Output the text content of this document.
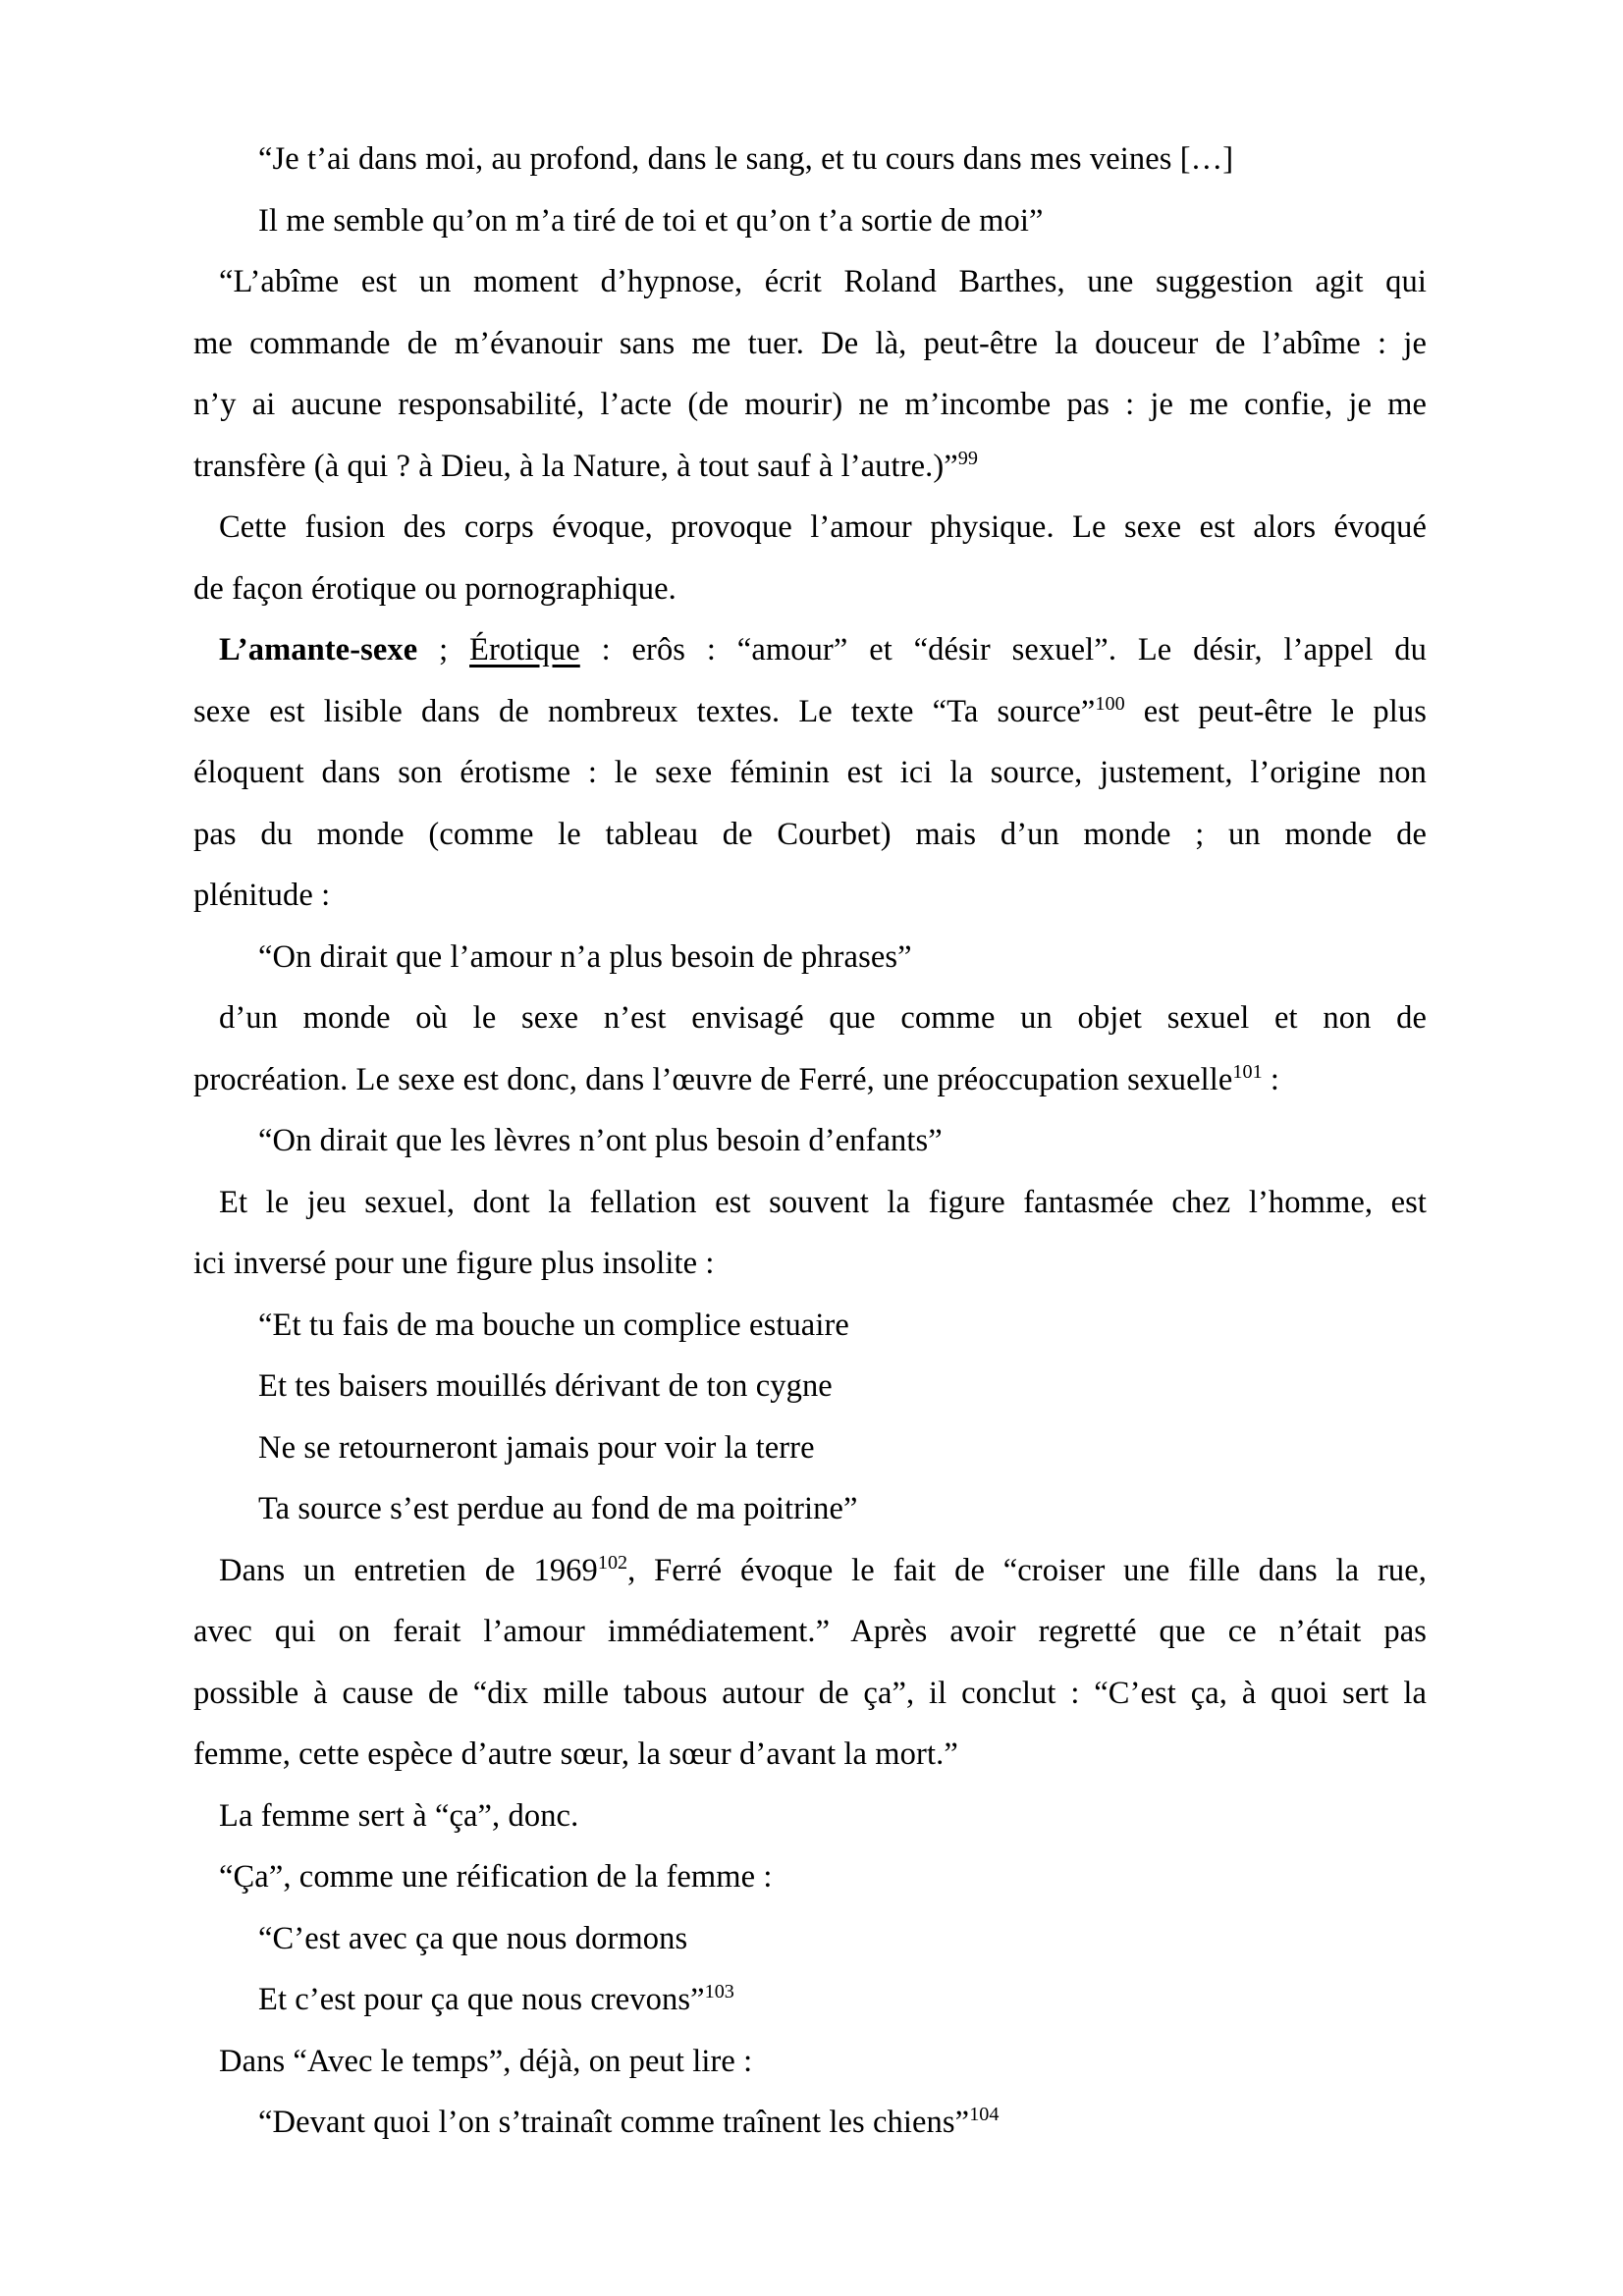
“Je t’ai dans moi, au profond, dans le sang, et tu cours dans mes veines […]
Il me semble qu’on m’a tiré de toi et qu’on t’a sortie de moi”
“L’abîme est un moment d’hypnose, écrit Roland Barthes, une suggestion agit qui
me commande de m’évanouir sans me tuer. De là, peut-être la douceur de l’abîme : je
n’y ai aucune responsabilité, l’acte (de mourir) ne m’incombe pas : je me confie, je me
transfère (à qui ? à Dieu, à la Nature, à tout sauf à l’autre.)”$^{99}$
Cette fusion des corps évoque, provoque l’amour physique. Le sexe est alors évoqué
de façon érotique ou pornographique.
L’amante-sexe ; Érotique : erôs : “amour” et “désir sexuel”. Le désir, l’appel du
sexe est lisible dans de nombreux textes. Le texte “Ta source”$^{100}$ est peut-être le plus
éloquent dans son érotisme : le sexe féminin est ici la source, justement, l’origine non
pas du monde (comme le tableau de Courbet) mais d’un monde ; un monde de
plénitude :
“On dirait que l’amour n’a plus besoin de phrases”
d’un monde où le sexe n’est envisagé que comme un objet sexuel et non de
procréation. Le sexe est donc, dans l’œuvre de Ferré, une préoccupation sexuelle$^{101}$ :
“On dirait que les lèvres n’ont plus besoin d’enfants”
Et le jeu sexuel, dont la fellation est souvent la figure fantasmée chez l’homme, est
ici inversé pour une figure plus insolite :
“Et tu fais de ma bouche un complice estuaire
Et tes baisers mouillés dérivant de ton cygne
Ne se retourneront jamais pour voir la terre
Ta source s’est perdue au fond de ma poitrine”
Dans un entretien de 1969$^{102}$, Ferré évoque le fait de “croiser une fille dans la rue,
avec qui on ferait l’amour immédiatement.” Après avoir regretté que ce n’était pas
possible à cause de “dix mille tabous autour de ça”, il conclut : “C’est ça, à quoi sert la
femme, cette espèce d’autre sœur, la sœur d’avant la mort.”
La femme sert à “ça”, donc.
“Ça”, comme une réification de la femme :
“C’est avec ça que nous dormons
Et c’est pour ça que nous crevons”$^{103}$
Dans “Avec le temps”, déjà, on peut lire :
“Devant quoi l’on s’trainaît comme traînent les chiens”$^{104}$
